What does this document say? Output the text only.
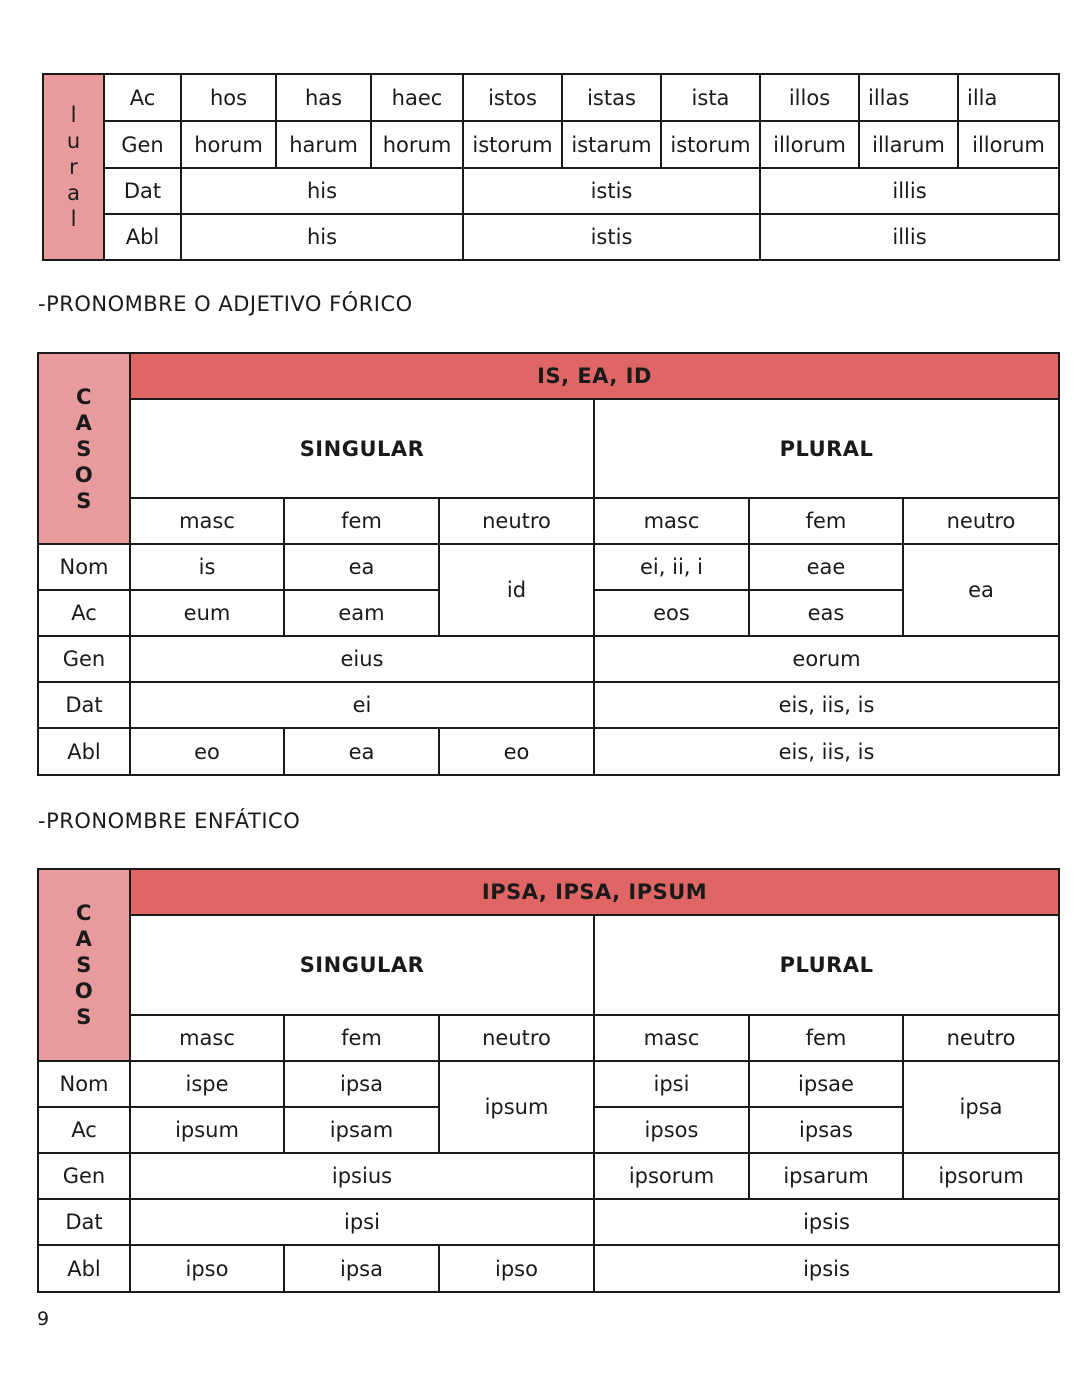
l
u
r
a
l	Ac	hos	has	haec	istos	istas	ista	illos	illas	illa
	Gen	horum	harum	horum	istorum	istarum	istorum	illorum	illarum	illorum
	Dat	his			istis			illis		
	Abl	his			istis			illis		
-PRONOMBRE O ADJETIVO FÓRICO
C
A
S
O
S	IS, EA, ID					
	SINGULAR			PLURAL		
	masc	fem	neutro	masc	fem	neutro
Nom	is	ea	id	ei, ii, i	eae	ea
Ac	eum	eam		eos	eas	
Gen	eius			eorum		
Dat	ei			eis, iis, is		
Abl	eo	ea	eo	eis, iis, is		
-PRONOMBRE ENFÁTICO
C
A
S
O
S	IPSA, IPSA, IPSUM					
	SINGULAR			PLURAL		
	masc	fem	neutro	masc	fem	neutro
Nom	ispe	ipsa	ipsum	ipsi	ipsae	ipsa
Ac	ipsum	ipsam		ipsos	ipsas	
Gen	ipsius			ipsorum	ipsarum	ipsorum
Dat	ipsi			ipsis		
Abl	ipso	ipsa	ipso	ipsis		
9
